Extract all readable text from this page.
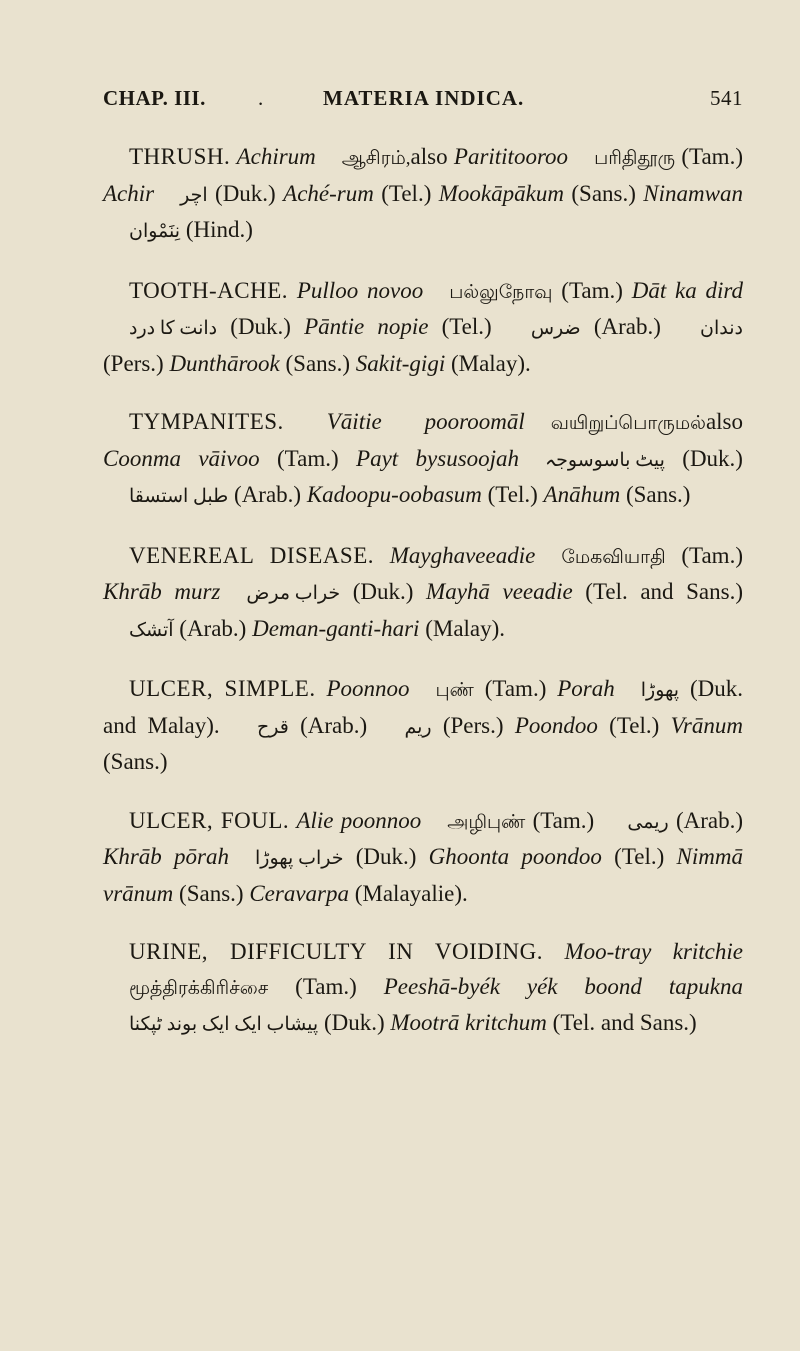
CHAP. III. .	MATERIA INDICA.	541

THRUSH. Achirumஆசிரம்,also Parititoorooபரிதிதூரு (Tam.) Achirاچر (Duk.) Aché-rum (Tel.) Mookāpākum (Sans.) Ninamwanنِنَمْوان (Hind.)

TOOTH-ACHE. Pulloo novooபல்லுநோவு (Tam.) Dāt ka dirdدانت کا درد (Duk.) Pāntie nopie (Tel.) ضرس (Arab.) دندان (Pers.) Dunthārook (Sans.) Sakit-gigi (Malay).

TYMPANITES. Vāitie pooroomālவயிறுப்பொருமல்also Coonma vāivoo (Tam.) Payt bysusoojahپیٹ باسوسوجہ (Duk.) طبل استسقا (Arab.) Kadoopu-oobasum (Tel.) Anāhum (Sans.)

VENEREAL DISEASE. Mayghaveeadieமேகவியாதி (Tam.) Khrāb murzخراب مرض (Duk.) Mayhā veeadie (Tel. and Sans.) آتشک (Arab.) Deman-ganti-hari (Malay).

ULCER, SIMPLE. Poonnooபுண் (Tam.) Porahپھوڑا (Duk. and Malay). قرح (Arab.) ریم (Pers.) Poondoo (Tel.) Vrānum (Sans.)

ULCER, FOUL. Alie poonnooஅழிபுண் (Tam.) ریمی (Arab.) Khrāb pōrahخراب پھوڑا (Duk.) Ghoonta poondoo (Tel.) Nimmā vrānum (Sans.) Ceravarpa (Malayalie).

URINE, DIFFICULTY IN VOIDING. Moo-tray kritchieமூத்திரக்கிரிச்சை (Tam.) Peeshā-byék yék boond tapuknaپیشاب ایک ایک بوند ٹپکنا (Duk.) Mootrā kritchum (Tel. and Sans.)
